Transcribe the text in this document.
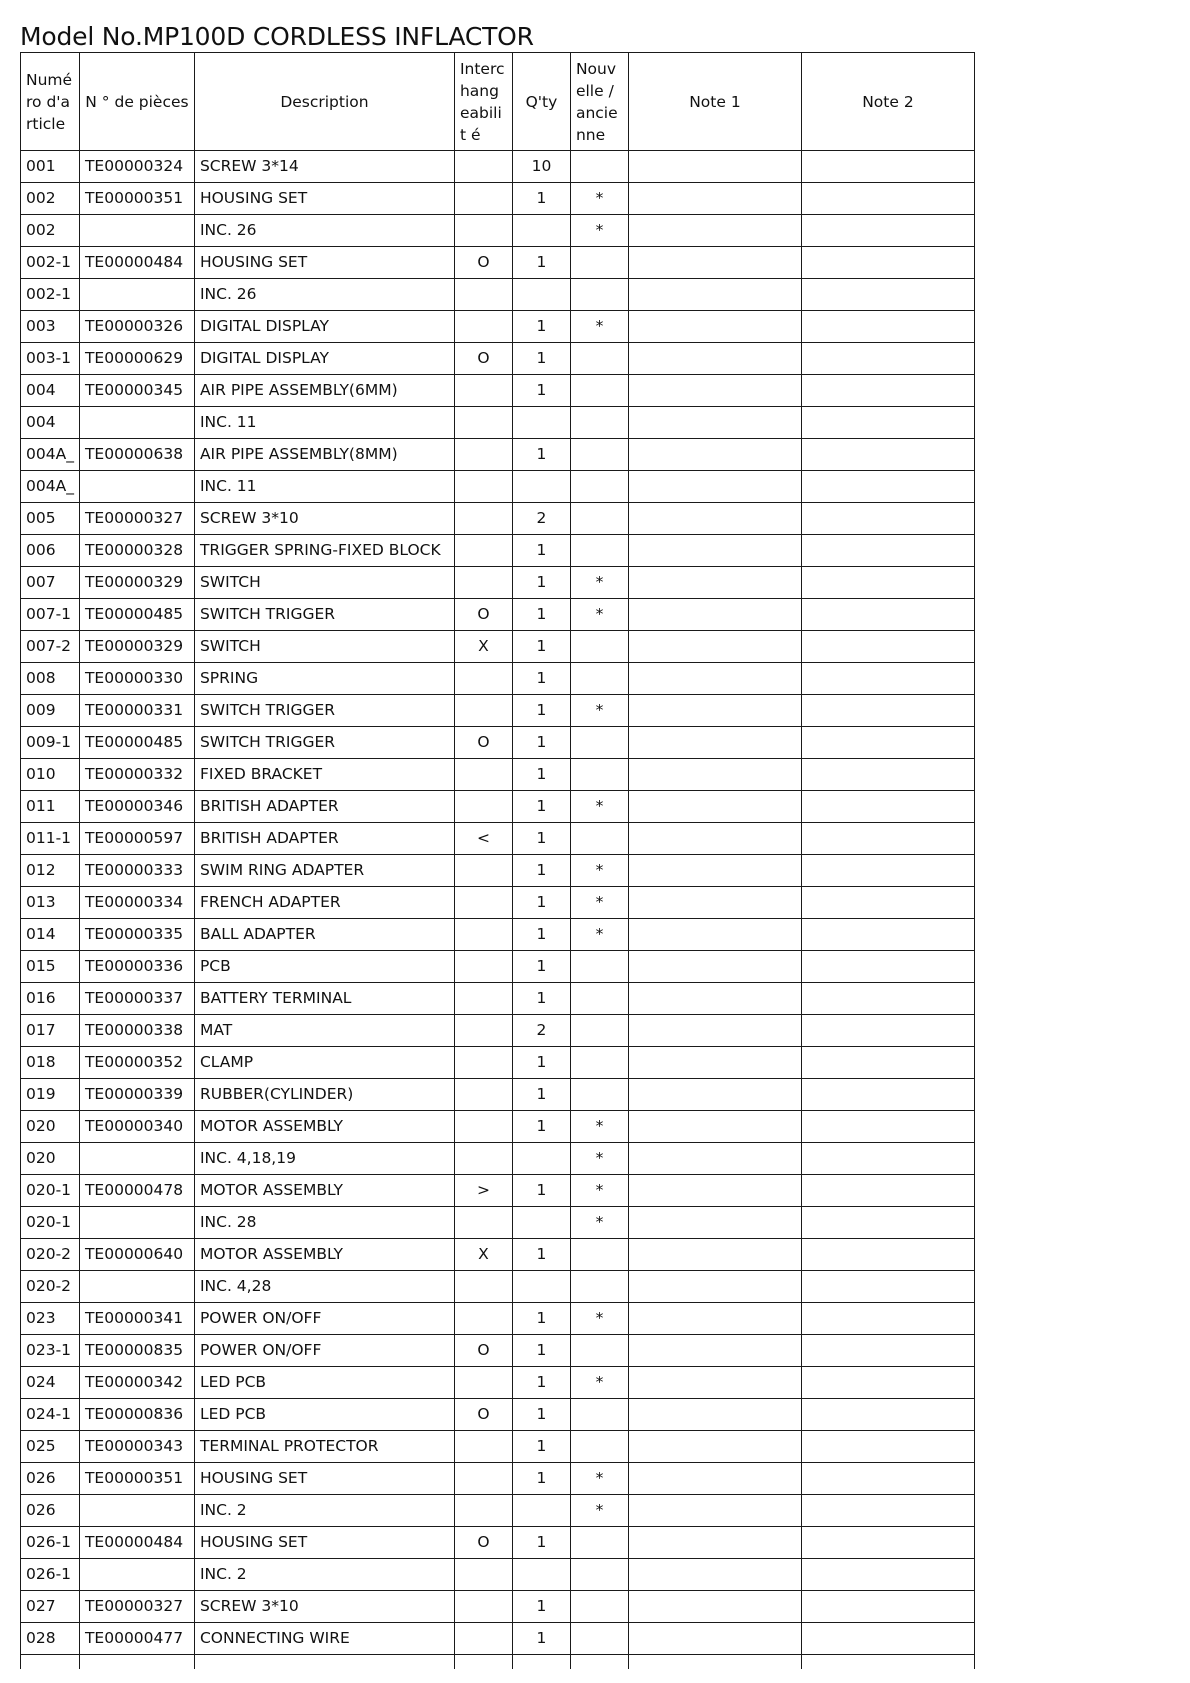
Model No.MP100D CORDLESS INFLACTOR
Numé ro d'a rticle	N ° de pièces	Description	Interc hang eabilit é	Q'ty	Nouv elle / ancie nne	Note 1	Note 2
001	TE00000324	SCREW 3*14		10			
002	TE00000351	HOUSING SET		1	*		
002		INC. 26			*		
002-1	TE00000484	HOUSING SET	O	1			
002-1		INC. 26					
003	TE00000326	DIGITAL DISPLAY		1	*		
003-1	TE00000629	DIGITAL DISPLAY	O	1			
004	TE00000345	AIR PIPE ASSEMBLY(6MM)		1			
004		INC. 11					
004A_	TE00000638	AIR PIPE ASSEMBLY(8MM)		1			
004A_		INC. 11					
005	TE00000327	SCREW 3*10		2			
006	TE00000328	TRIGGER SPRING-FIXED BLOCK		1			
007	TE00000329	SWITCH		1	*		
007-1	TE00000485	SWITCH TRIGGER	O	1	*		
007-2	TE00000329	SWITCH	X	1			
008	TE00000330	SPRING		1			
009	TE00000331	SWITCH TRIGGER		1	*		
009-1	TE00000485	SWITCH TRIGGER	O	1			
010	TE00000332	FIXED BRACKET		1			
011	TE00000346	BRITISH ADAPTER		1	*		
011-1	TE00000597	BRITISH ADAPTER	<	1			
012	TE00000333	SWIM RING ADAPTER		1	*		
013	TE00000334	FRENCH ADAPTER		1	*		
014	TE00000335	BALL ADAPTER		1	*		
015	TE00000336	PCB		1			
016	TE00000337	BATTERY TERMINAL		1			
017	TE00000338	MAT		2			
018	TE00000352	CLAMP		1			
019	TE00000339	RUBBER(CYLINDER)		1			
020	TE00000340	MOTOR ASSEMBLY		1	*		
020		INC. 4,18,19			*		
020-1	TE00000478	MOTOR ASSEMBLY	>	1	*		
020-1		INC. 28			*		
020-2	TE00000640	MOTOR ASSEMBLY	X	1			
020-2		INC. 4,28					
023	TE00000341	POWER ON/OFF		1	*		
023-1	TE00000835	POWER ON/OFF	O	1			
024	TE00000342	LED PCB		1	*		
024-1	TE00000836	LED PCB	O	1			
025	TE00000343	TERMINAL PROTECTOR		1			
026	TE00000351	HOUSING SET		1	*		
026		INC. 2			*		
026-1	TE00000484	HOUSING SET	O	1			
026-1		INC. 2					
027	TE00000327	SCREW 3*10		1			
028	TE00000477	CONNECTING WIRE		1			
